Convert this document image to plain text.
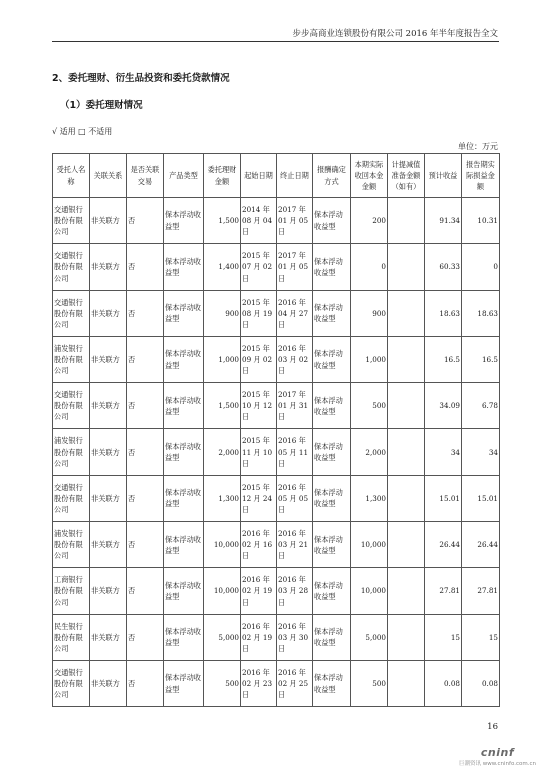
步步高商业连锁股份有限公司 2016 年半年度报告全文
2、委托理财、衍生品投资和委托贷款情况
（1）委托理财情况
√ 适用 □ 不适用
单位：万元
受托人名称	关联关系	是否关联交易	产品类型	委托理财金额	起始日期	终止日期	报酬确定方式	本期实际收回本金金额	计提减值准备金额（如有）	预计收益	报告期实际损益金额
交通银行股份有限公司	非关联方	否	保本浮动收益型	1,500	2014 年 08 月 04 日	2017 年 01 月 05 日	保本浮动收益型	200		91.34	10.31
交通银行股份有限公司	非关联方	否	保本浮动收益型	1,400	2015 年 07 月 02 日	2017 年 01 月 05 日	保本浮动收益型	0		60.33	0
交通银行股份有限公司	非关联方	否	保本浮动收益型	900	2015 年 08 月 19 日	2016 年 04 月 27 日	保本浮动收益型	900		18.63	18.63
浦发银行股份有限公司	非关联方	否	保本浮动收益型	1,000	2015 年 09 月 02 日	2016 年 03 月 02 日	保本浮动收益型	1,000		16.5	16.5
交通银行股份有限公司	非关联方	否	保本浮动收益型	1,500	2015 年 10 月 12 日	2017 年 01 月 31 日	保本浮动收益型	500		34.09	6.78
浦发银行股份有限公司	非关联方	否	保本浮动收益型	2,000	2015 年 11 月 10 日	2016 年 05 月 11 日	保本浮动收益型	2,000		34	34
交通银行股份有限公司	非关联方	否	保本浮动收益型	1,300	2015 年 12 月 24 日	2016 年 05 月 05 日	保本浮动收益型	1,300		15.01	15.01
浦发银行股份有限公司	非关联方	否	保本浮动收益型	10,000	2016 年 02 月 16 日	2016 年 03 月 21 日	保本浮动收益型	10,000		26.44	26.44
工商银行股份有限公司	非关联方	否	保本浮动收益型	10,000	2016 年 02 月 19 日	2016 年 03 月 28 日	保本浮动收益型	10,000		27.81	27.81
民生银行股份有限公司	非关联方	否	保本浮动收益型	5,000	2016 年 02 月 19 日	2016 年 03 月 30 日	保本浮动收益型	5,000		15	15
交通银行股份有限公司	非关联方	否	保本浮动收益型	500	2016 年 02 月 23 日	2016 年 02 月 25 日	保本浮动收益型	500		0.08	0.08
16
cninf
巨潮资讯 www.cninfo.com.cn
